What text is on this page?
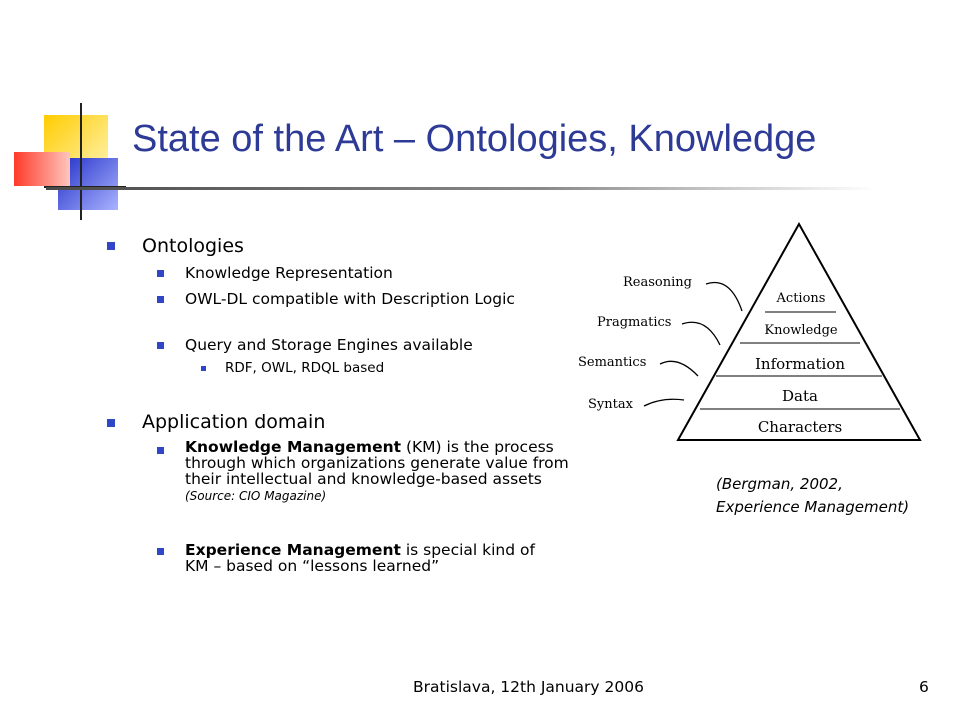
State of the Art – Ontologies, Knowledge
Ontologies
Knowledge Representation
OWL-DL compatible with Description Logic
Query and Storage Engines available
RDF, OWL, RDQL based
Application domain
Knowledge Management (KM) is the process through which organizations generate value from their intellectual and knowledge-based assets
(Source: CIO Magazine)
Experience Management is special kind of KM – based on “lessons learned”
Actions
Knowledge
Information
Data
Characters
Reasoning
Pragmatics
Semantics
Syntax
(Bergman, 2002,
Experience Management)
Bratislava, 12th January 2006	6
